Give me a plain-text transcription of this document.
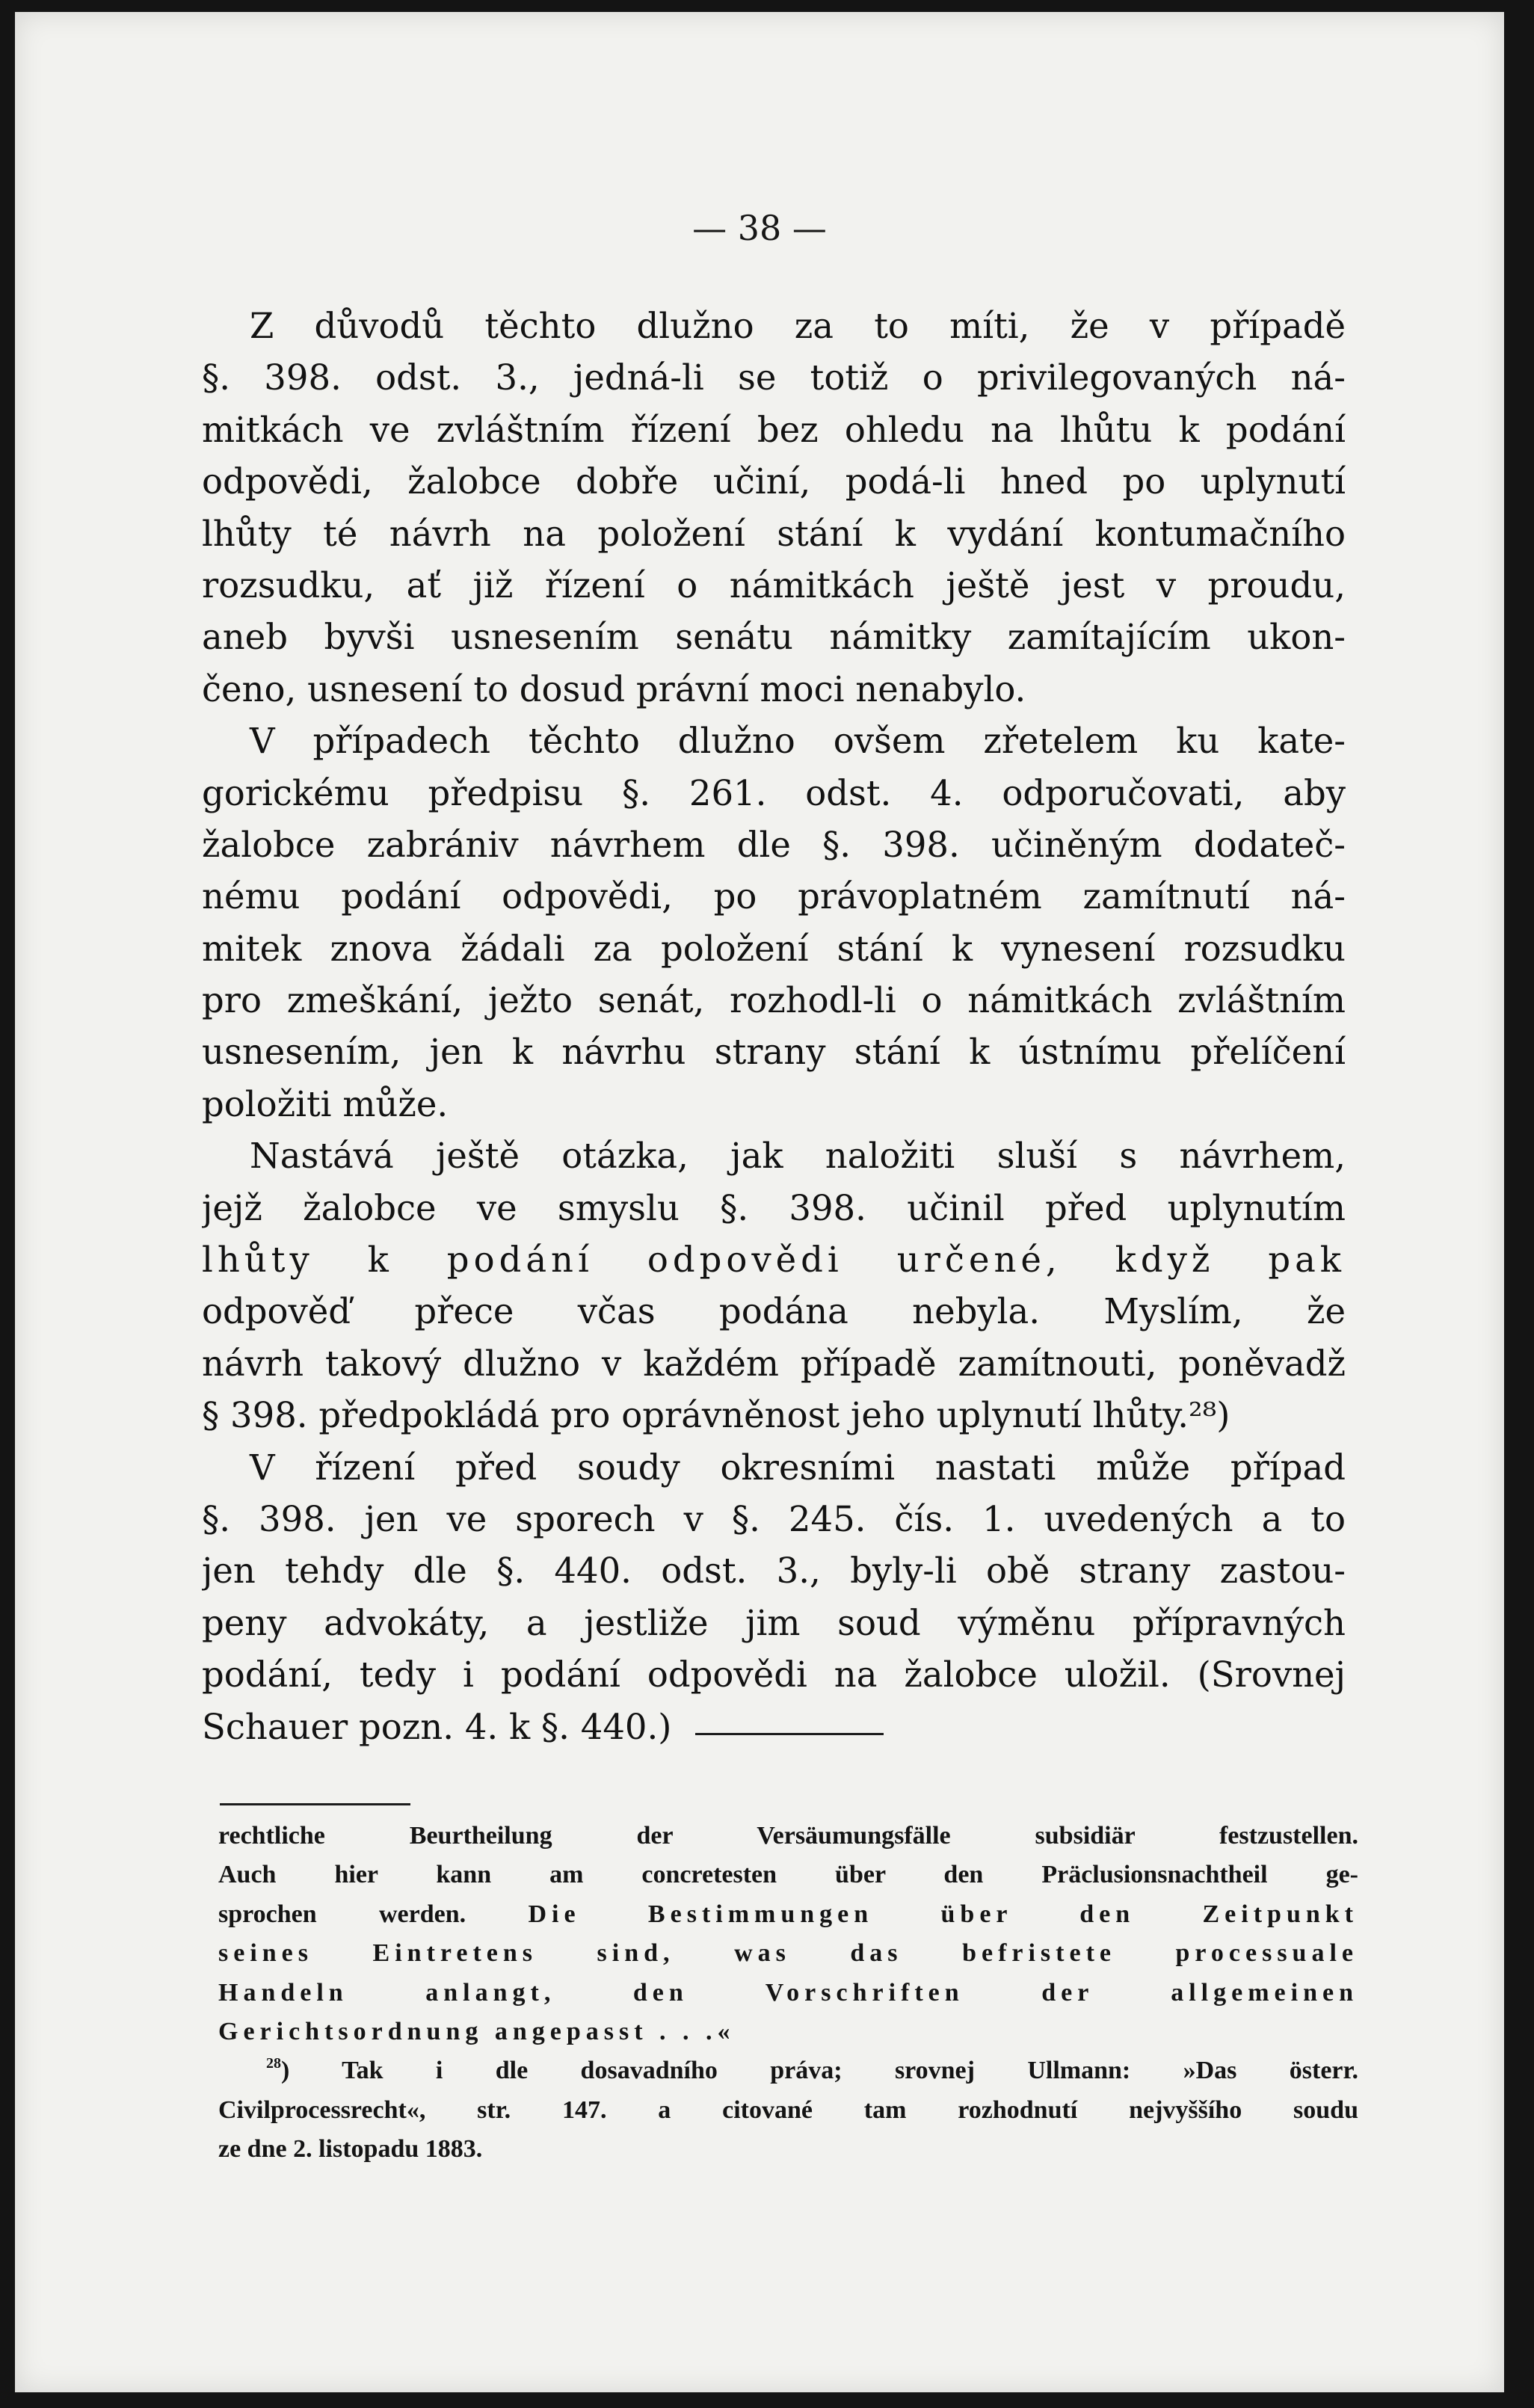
— 38 —
Z důvodů těchto dlužno za to míti, že v případě
§. 398. odst. 3., jedná-li se totiž o privilegovaných ná-
mitkách ve zvláštním řízení bez ohledu na lhůtu k podání
odpovědi, žalobce dobře učiní, podá-li hned po uplynutí
lhůty té návrh na položení stání k vydání kontumačního
rozsudku, ať již řízení o námitkách ještě jest v proudu,
aneb byvši usnesením senátu námitky zamítajícím ukon-
čeno, usnesení to dosud právní moci nenabylo.
V případech těchto dlužno ovšem zřetelem ku kate-
gorickému předpisu §. 261. odst. 4. odporučovati, aby
žalobce zabrániv návrhem dle §. 398. učiněným dodateč-
nému podání odpovědi, po právoplatném zamítnutí ná-
mitek znova žádali za položení stání k vynesení rozsudku
pro zmeškání, ježto senát, rozhodl-li o námitkách zvláštním
usnesením, jen k návrhu strany stání k ústnímu přelíčení
položiti může.
Nastává ještě otázka, jak naložiti sluší s návrhem,
jejž žalobce ve smyslu §. 398. učinil před uplynutím
lhůty k podání odpovědi určené, když pak
odpověď přece včas podána nebyla. Myslím, že
návrh takový dlužno v každém případě zamítnouti, poněvadž
§ 398. předpokládá pro oprávněnost jeho uplynutí lhůty.²⁸)
V řízení před soudy okresními nastati může případ
§. 398. jen ve sporech v §. 245. čís. 1. uvedených a to
jen tehdy dle §. 440. odst. 3., byly-li obě strany zastou-
peny advokáty, a jestliže jim soud výměnu přípravných
podání, tedy i podání odpovědi na žalobce uložil. (Srovnej
Schauer pozn. 4. k §. 440.)
rechtliche Beurtheilung der Versäumungsfälle subsidiär festzustellen.
Auch hier kann am concretesten über den Präclusionsnachtheil ge-
sprochen werden. Die Bestimmungen über den Zeitpunkt
seines Eintretens sind, was das befristete processuale
Handeln anlangt, den Vorschriften der allgemeinen
Gerichtsordnung angepasst . . .«
$^{28}$) Tak i dle dosavadního práva; srovnej Ullmann: »Das österr.
Civilprocessrecht«, str. 147. a citované tam rozhodnutí nejvyššího soudu
ze dne 2. listopadu 1883.
